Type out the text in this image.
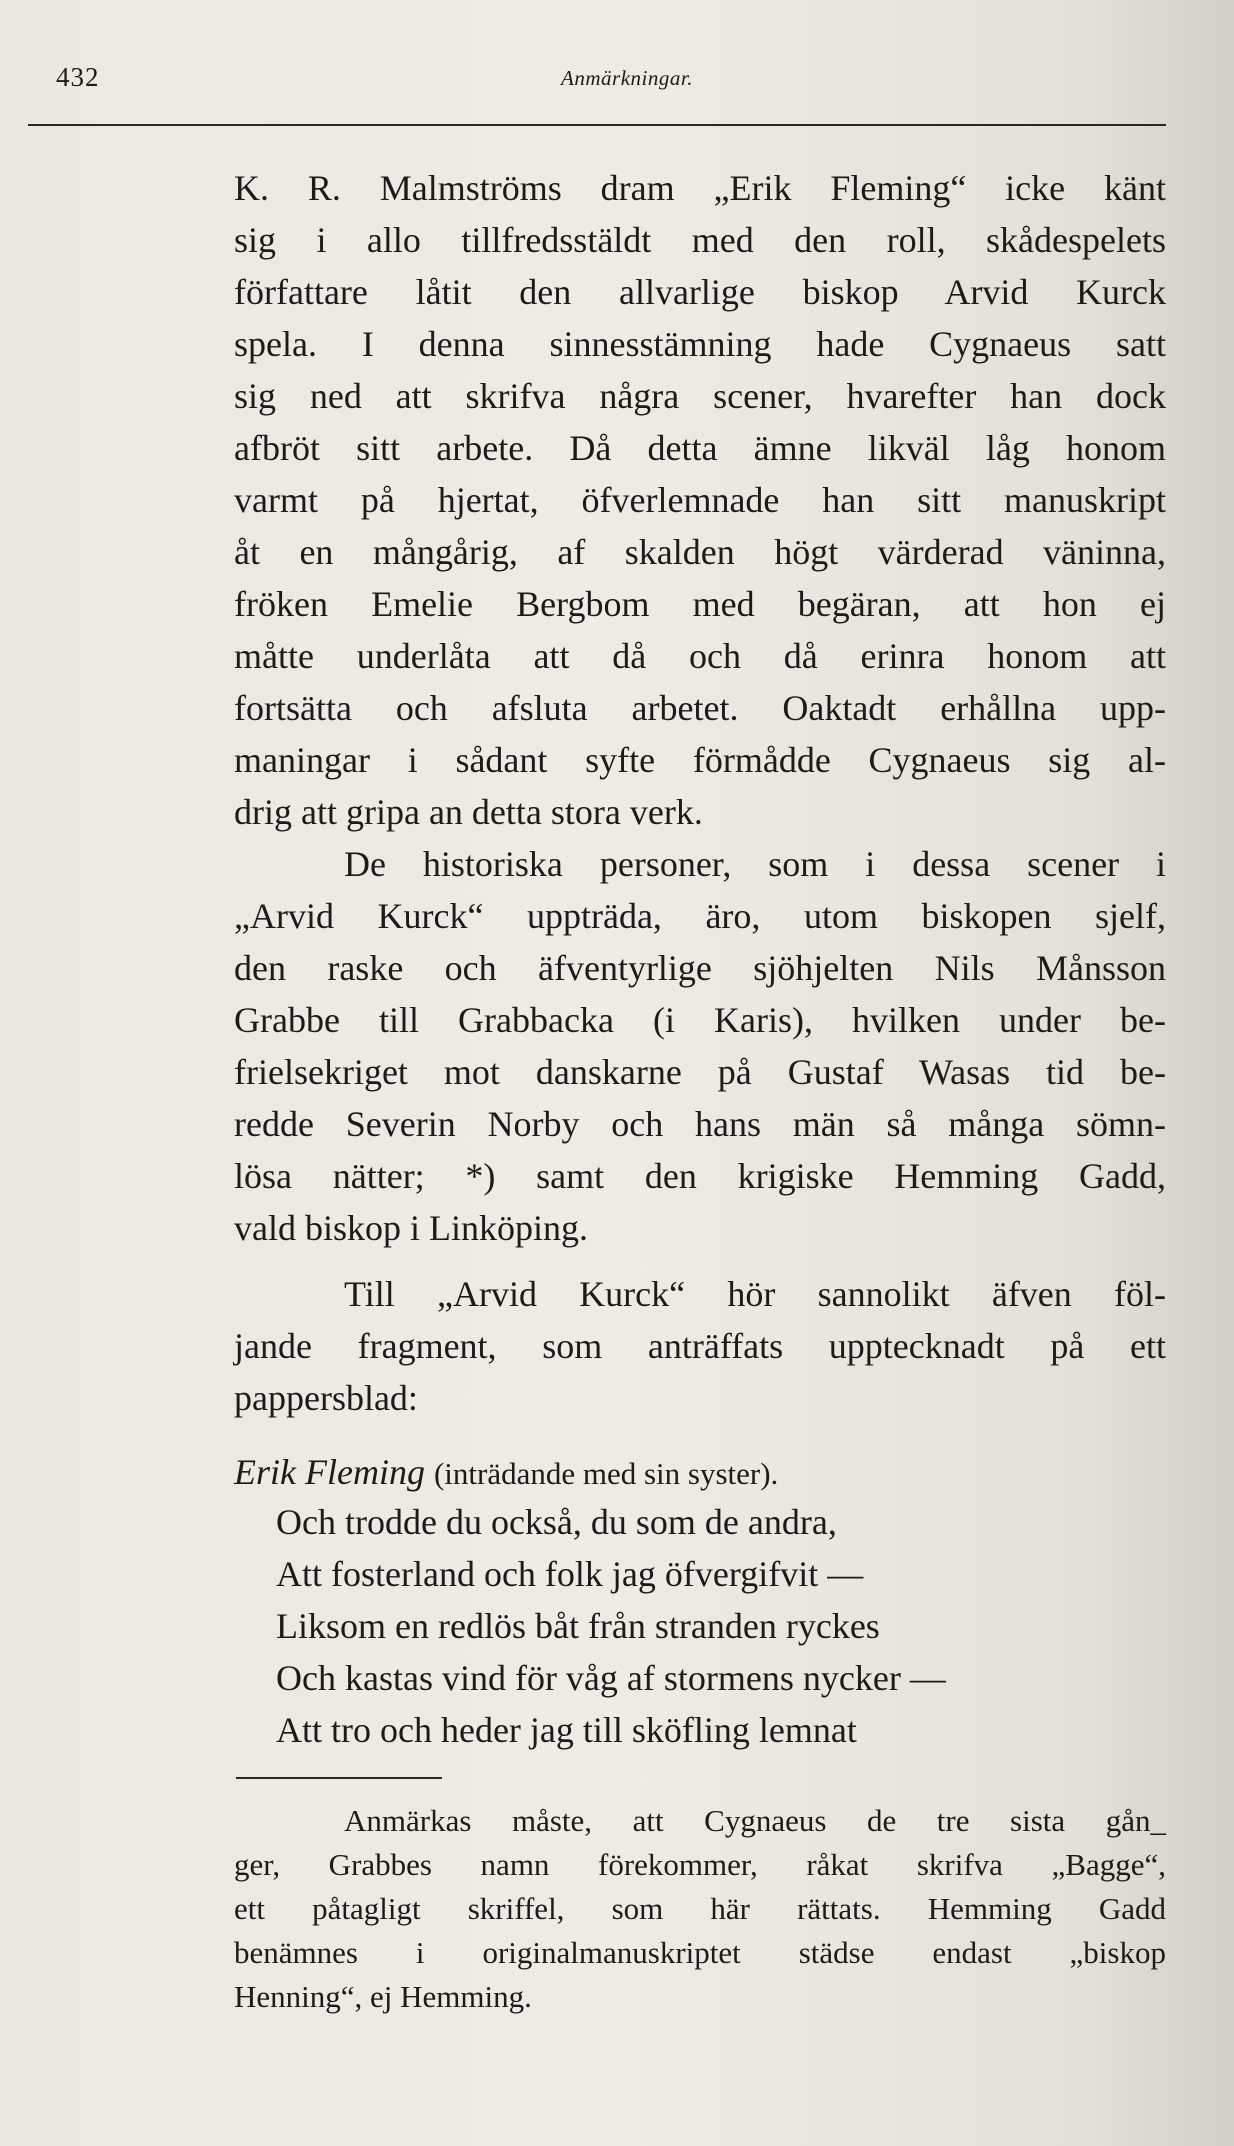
432	Anmärkningar.
K. R. Malmströms dram „Erik Fleming“ icke känt
sig i allo tillfredsstäldt med den roll, skådespelets
författare låtit den allvarlige biskop Arvid Kurck
spela. I denna sinnesstämning hade Cygnaeus satt
sig ned att skrifva några scener, hvarefter han dock
afbröt sitt arbete. Då detta ämne likväl låg honom
varmt på hjertat, öfverlemnade han sitt manuskript
åt en mångårig, af skalden högt värderad väninna,
fröken Emelie Bergbom med begäran, att hon ej
måtte underlåta att då och då erinra honom att
fortsätta och afsluta arbetet. Oaktadt erhållna upp-
maningar i sådant syfte förmådde Cygnaeus sig al-
drig att gripa an detta stora verk.
De historiska personer, som i dessa scener i
„Arvid Kurck“ uppträda, äro, utom biskopen sjelf,
den raske och äfventyrlige sjöhjelten Nils Månsson
Grabbe till Grabbacka (i Karis), hvilken under be-
frielsekriget mot danskarne på Gustaf Wasas tid be-
redde Severin Norby och hans män så många sömn-
lösa nätter; *) samt den krigiske Hemming Gadd,
vald biskop i Linköping.
Till „Arvid Kurck“ hör sannolikt äfven föl-
jande fragment, som anträffats upptecknadt på ett
pappersblad:
Erik Fleming (inträdande med sin syster).
Och trodde du också, du som de andra,
Att fosterland och folk jag öfvergifvit —
Liksom en redlös båt från stranden ryckes
Och kastas vind för våg af stormens nycker —
Att tro och heder jag till sköfling lemnat
Anmärkas måste, att Cygnaeus de tre sista gån_
ger, Grabbes namn förekommer, råkat skrifva „Bagge“,
ett påtagligt skriffel, som här rättats. Hemming Gadd
benämnes i originalmanuskriptet städse endast „biskop
Henning“, ej Hemming.
